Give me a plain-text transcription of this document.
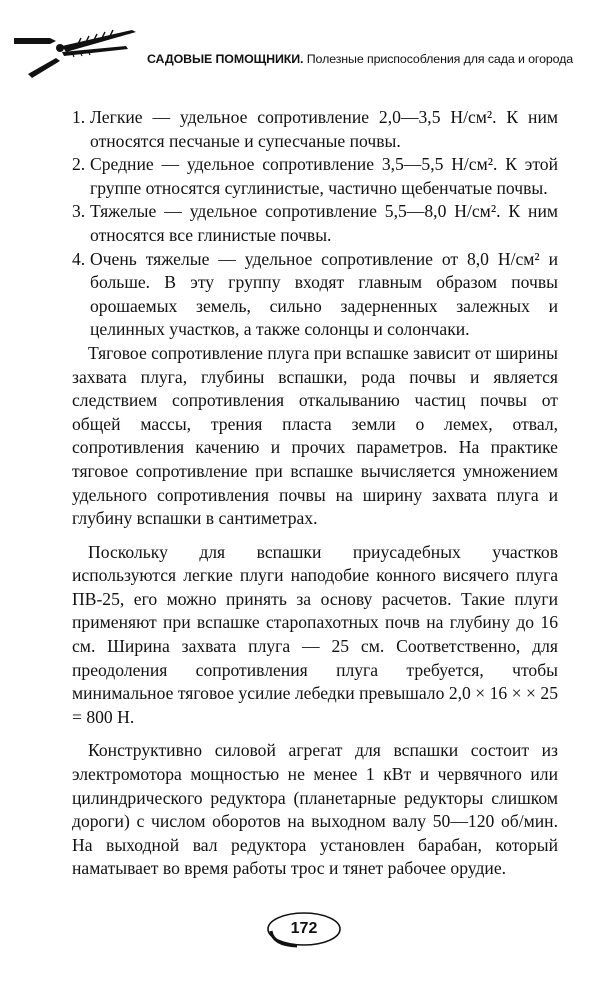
САДОВЫЕ ПОМОЩНИКИ. Полезные приспособления для сада и огорода
1. Легкие — удельное сопротивление 2,0—3,5 Н/см². К ним относятся песчаные и супесчаные почвы.
2. Средние — удельное сопротивление 3,5—5,5 Н/см². К этой группе относятся суглинистые, частично щебенчатые почвы.
3. Тяжелые — удельное сопротивление 5,5—8,0 Н/см². К ним относятся все глинистые почвы.
4. Очень тяжелые — удельное сопротивление от 8,0 Н/см² и больше. В эту группу входят главным образом почвы орошаемых земель, сильно задерненных залежных и целинных участков, а также солонцы и солончаки.

Тяговое сопротивление плуга при вспашке зависит от ширины захвата плуга, глубины вспашки, рода почвы и является следствием сопротивления откалыванию частиц почвы от общей массы, трения пласта земли о лемех, отвал, сопротивления качению и прочих параметров. На практике тяговое сопротивление при вспашке вычисляется умножением удельного сопротивления почвы на ширину захвата плуга и глубину вспашки в сантиметрах.

Поскольку для вспашки приусадебных участков используются легкие плуги наподобие конного висячего плуга ПВ-25, его можно принять за основу расчетов. Такие плуги применяют при вспашке старопахотных почв на глубину до 16 см. Ширина захвата плуга — 25 см. Соответственно, для преодоления сопротивления плуга требуется, чтобы минимальное тяговое усилие лебедки превышало 2,0 × 16 × × 25 = 800 Н.

Конструктивно силовой агрегат для вспашки состоит из электромотора мощностью не менее 1 кВт и червячного или цилиндрического редуктора (планетарные редукторы слишком дороги) с числом оборотов на выходном валу 50—120 об/мин. На выходной вал редуктора установлен барабан, который наматывает во время работы трос и тянет рабочее орудие.

172
